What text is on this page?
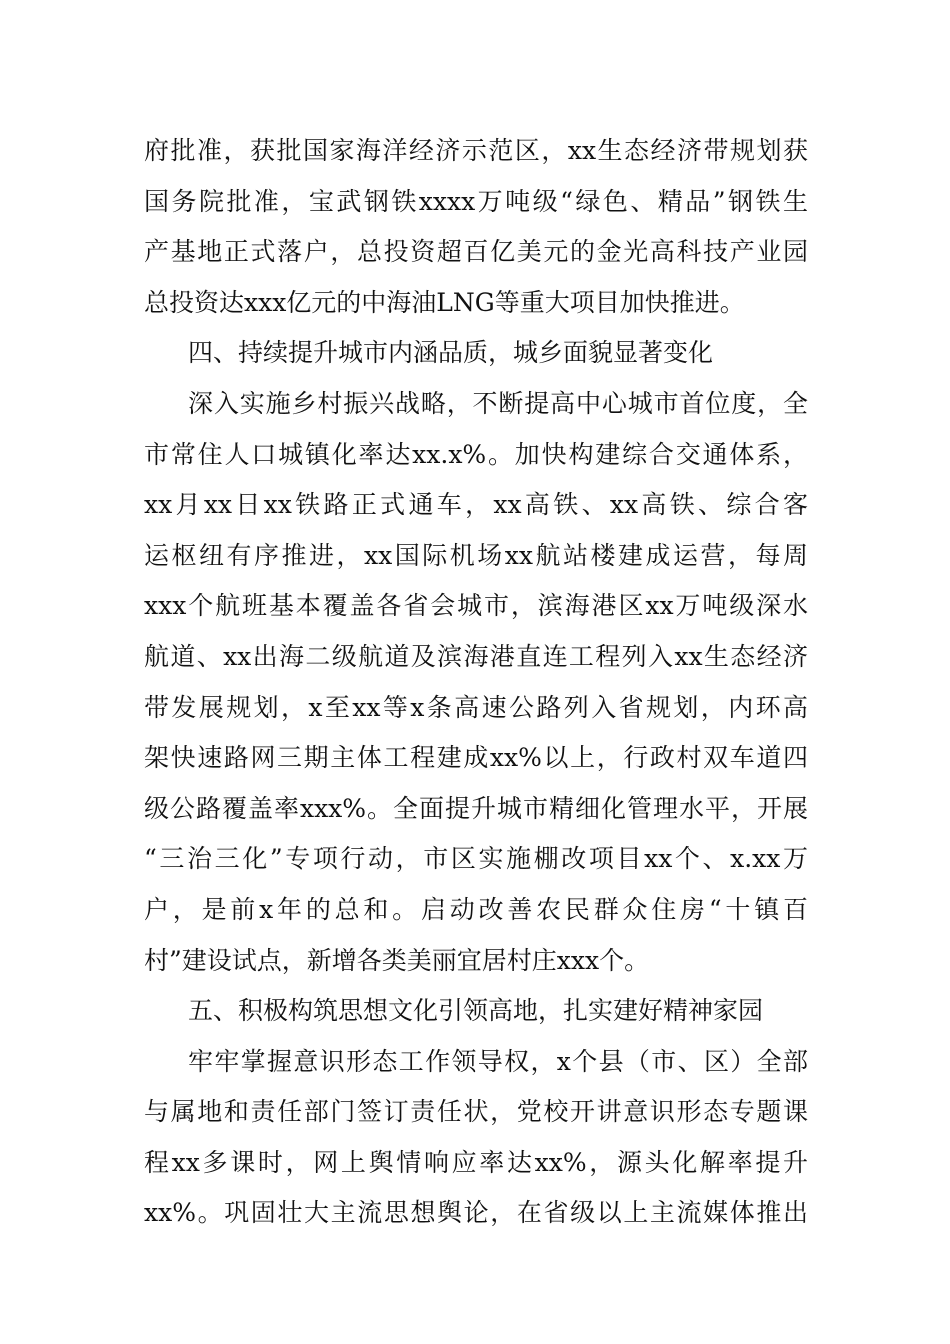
府批准，获批国家海洋经济示范区，xx生态经济带规划获
国务院批准，宝武钢铁xxxx万吨级“绿色、精品”钢铁生
产基地正式落户，总投资超百亿美元的金光高科技产业园
总投资达xxx亿元的中海油LNG等重大项目加快推进。
四、持续提升城市内涵品质，城乡面貌显著变化
深入实施乡村振兴战略，不断提高中心城市首位度，全
市常住人口城镇化率达xx.x%。加快构建综合交通体系，
xx月xx日xx铁路正式通车，xx高铁、xx高铁、综合客
运枢纽有序推进，xx国际机场xx航站楼建成运营，每周
xxx个航班基本覆盖各省会城市，滨海港区xx万吨级深水
航道、xx出海二级航道及滨海港直连工程列入xx生态经济
带发展规划，x至xx等x条高速公路列入省规划，内环高
架快速路网三期主体工程建成xx%以上，行政村双车道四
级公路覆盖率xxx%。全面提升城市精细化管理水平，开展
“三治三化”专项行动，市区实施棚改项目xx个、x.xx万
户，是前x年的总和。启动改善农民群众住房“十镇百
村”建设试点，新增各类美丽宜居村庄xxx个。
五、积极构筑思想文化引领高地，扎实建好精神家园
牢牢掌握意识形态工作领导权，x个县（市、区）全部
与属地和责任部门签订责任状，党校开讲意识形态专题课
程xx多课时，网上舆情响应率达xx%，源头化解率提升
xx%。巩固壮大主流思想舆论，在省级以上主流媒体推出
